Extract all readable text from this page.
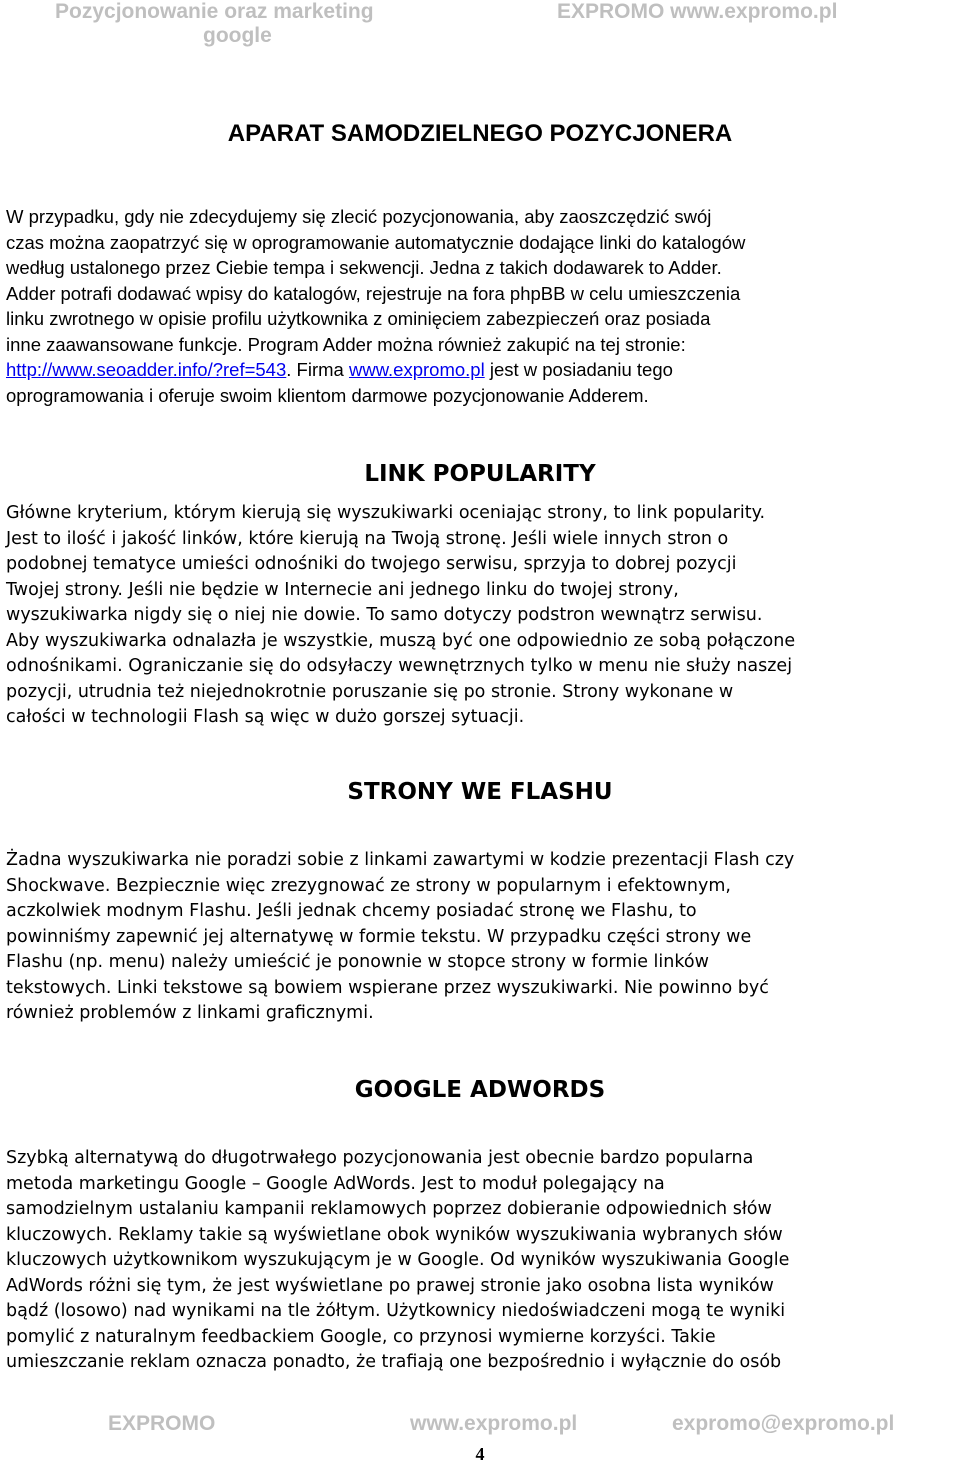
Pozycjonowanie oraz marketing
google
EXPROMO www.expromo.pl
APARAT SAMODZIELNEGO POZYCJONERA
W przypadku, gdy nie zdecydujemy się zlecić pozycjonowania, aby zaoszczędzić swój
czas można zaopatrzyć się w oprogramowanie automatycznie dodające linki do katalogów
według ustalonego przez Ciebie tempa i sekwencji. Jedna z takich dodawarek to Adder.
Adder potrafi dodawać wpisy do katalogów, rejestruje na fora phpBB w celu umieszczenia
linku zwrotnego w opisie profilu użytkownika z ominięciem zabezpieczeń oraz posiada
inne zaawansowane funkcje. Program Adder można również zakupić na tej stronie:
http://www.seoadder.info/?ref=543. Firma www.expromo.pl jest w posiadaniu tego
oprogramowania i oferuje swoim klientom darmowe pozycjonowanie Adderem.
LINK POPULARITY
Główne kryterium, którym kierują się wyszukiwarki oceniając strony, to link popularity.
Jest to ilość i jakość linków, które kierują na Twoją stronę. Jeśli wiele innych stron o
podobnej tematyce umieści odnośniki do twojego serwisu, sprzyja to dobrej pozycji
Twojej strony. Jeśli nie będzie w Internecie ani jednego linku do twojej strony,
wyszukiwarka nigdy się o niej nie dowie. To samo dotyczy podstron wewnątrz serwisu.
Aby wyszukiwarka odnalazła je wszystkie, muszą być one odpowiednio ze sobą połączone
odnośnikami. Ograniczanie się do odsyłaczy wewnętrznych tylko w menu nie służy naszej
pozycji, utrudnia też niejednokrotnie poruszanie się po stronie. Strony wykonane w
całości w technologii Flash są więc w dużo gorszej sytuacji.
STRONY WE FLASHU
Żadna wyszukiwarka nie poradzi sobie z linkami zawartymi w kodzie prezentacji Flash czy
Shockwave. Bezpiecznie więc zrezygnować ze strony w popularnym i efektownym,
aczkolwiek modnym Flashu. Jeśli jednak chcemy posiadać stronę we Flashu, to
powinniśmy zapewnić jej alternatywę w formie tekstu. W przypadku części strony we
Flashu (np. menu) należy umieścić je ponownie w stopce strony w formie linków
tekstowych. Linki tekstowe są bowiem wspierane przez wyszukiwarki. Nie powinno być
również problemów z linkami graficznymi.
GOOGLE ADWORDS
Szybką alternatywą do długotrwałego pozycjonowania jest obecnie bardzo popularna
metoda marketingu Google – Google AdWords. Jest to moduł polegający na
samodzielnym ustalaniu kampanii reklamowych poprzez dobieranie odpowiednich słów
kluczowych. Reklamy takie są wyświetlane obok wyników wyszukiwania wybranych słów
kluczowych użytkownikom wyszukującym je w Google. Od wyników wyszukiwania Google
AdWords różni się tym, że jest wyświetlane po prawej stronie jako osobna lista wyników
bądź (losowo) nad wynikami na tle żółtym. Użytkownicy niedoświadczeni mogą te wyniki
pomylić z naturalnym feedbackiem Google, co przynosi wymierne korzyści. Takie
umieszczanie reklam oznacza ponadto, że trafiają one bezpośrednio i wyłącznie do osób
EXPROMO	www.expromo.pl	expromo@expromo.pl
4
